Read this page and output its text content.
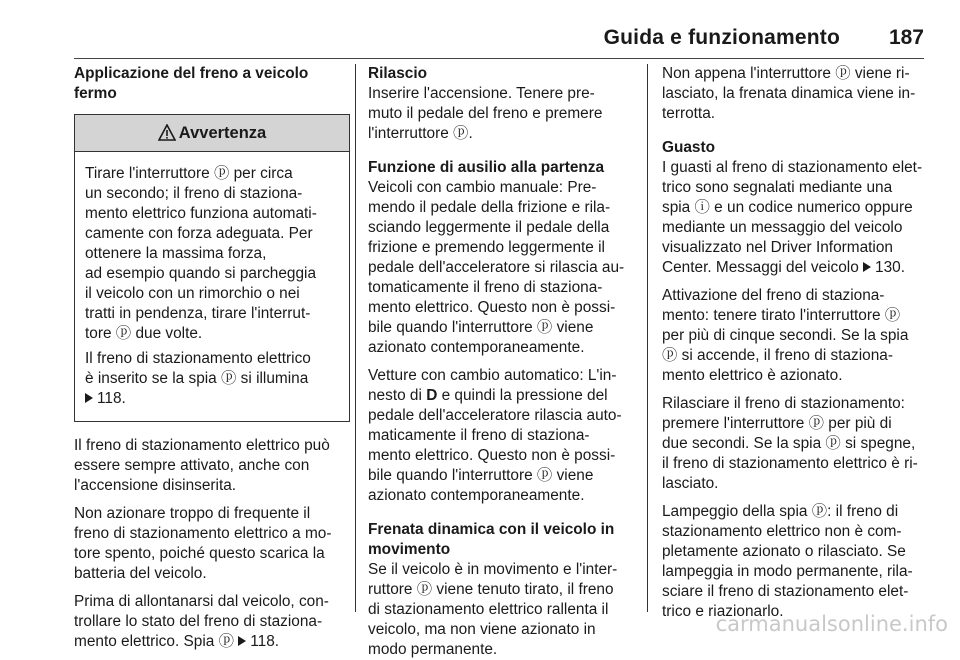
Guida e funzionamento 187
Applicazione del freno a veicolo
fermo
Avvertenza
Tirare l'interruttore ⓟ per circa
un secondo; il freno di staziona-
mento elettrico funziona automati-
camente con forza adeguata. Per
ottenere la massima forza,
ad esempio quando si parcheggia
il veicolo con un rimorchio o nei
tratti in pendenza, tirare l'interrut-
tore ⓟ due volte.
Il freno di stazionamento elettrico
è inserito se la spia ⓟ si illumina
118.
Il freno di stazionamento elettrico può
essere sempre attivato, anche con
l'accensione disinserita.
Non azionare troppo di frequente il
freno di stazionamento elettrico a mo-
tore spento, poiché questo scarica la
batteria del veicolo.
Prima di allontanarsi dal veicolo, con-
trollare lo stato del freno di staziona-
mento elettrico. Spia ⓟ 118.
Rilascio
Inserire l'accensione. Tenere pre-
muto il pedale del freno e premere
l'interruttore ⓟ.
Funzione di ausilio alla partenza
Veicoli con cambio manuale: Pre-
mendo il pedale della frizione e rila-
sciando leggermente il pedale della
frizione e premendo leggermente il
pedale dell'acceleratore si rilascia au-
tomaticamente il freno di staziona-
mento elettrico. Questo non è possi-
bile quando l'interruttore ⓟ viene
azionato contemporaneamente.
Vetture con cambio automatico: L'in-
nesto di D e quindi la pressione del
pedale dell'acceleratore rilascia auto-
maticamente il freno di staziona-
mento elettrico. Questo non è possi-
bile quando l'interruttore ⓟ viene
azionato contemporaneamente.
Frenata dinamica con il veicolo in
movimento
Se il veicolo è in movimento e l'inter-
ruttore ⓟ viene tenuto tirato, il freno
di stazionamento elettrico rallenta il
veicolo, ma non viene azionato in
modo permanente.
Non appena l'interruttore ⓟ viene ri-
lasciato, la frenata dinamica viene in-
terrotta.
Guasto
I guasti al freno di stazionamento elet-
trico sono segnalati mediante una
spia ⓘ e un codice numerico oppure
mediante un messaggio del veicolo
visualizzato nel Driver Information
Center. Messaggi del veicolo 130.
Attivazione del freno di staziona-
mento: tenere tirato l'interruttore ⓟ
per più di cinque secondi. Se la spia
ⓟ si accende, il freno di staziona-
mento elettrico è azionato.
Rilasciare il freno di stazionamento:
premere l'interruttore ⓟ per più di
due secondi. Se la spia ⓟ si spegne,
il freno di stazionamento elettrico è ri-
lasciato.
Lampeggio della spia ⓟ: il freno di
stazionamento elettrico non è com-
pletamente azionato o rilasciato. Se
lampeggia in modo permanente, rila-
sciare il freno di stazionamento elet-
trico e riazionarlo.
carmanualsonline.info
